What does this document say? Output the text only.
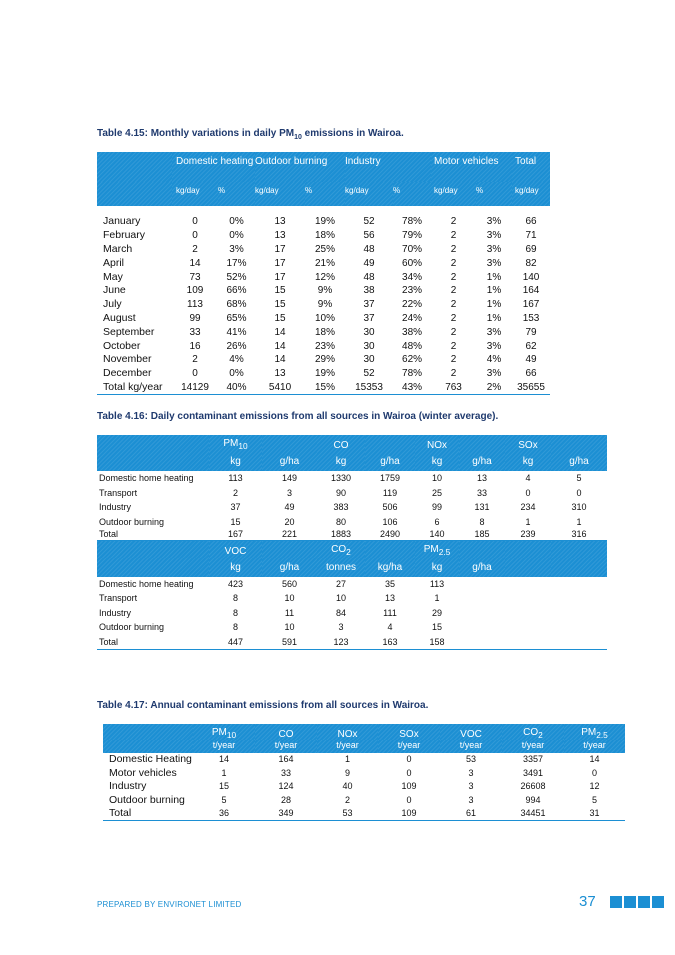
Table 4.15: Monthly variations in daily $PM_{10}$ emissions in Wairoa.
	Domestic heating		Outdoor burning		Industry		Motor vehicles		Total
	kg/day	%	kg/day	%	kg/day	%	kg/day	%	kg/day

January	0	0%	13	19%	52	78%	2	3%	66
February	0	0%	13	18%	56	79%	2	3%	71
March	2	3%	17	25%	48	70%	2	3%	69
April	14	17%	17	21%	49	60%	2	3%	82
May	73	52%	17	12%	48	34%	2	1%	140
June	109	66%	15	9%	38	23%	2	1%	164
July	113	68%	15	9%	37	22%	2	1%	167
August	99	65%	15	10%	37	24%	2	1%	153
September	33	41%	14	18%	30	38%	2	3%	79
October	16	26%	14	23%	30	48%	2	3%	62
November	2	4%	14	29%	30	62%	2	4%	49
December	0	0%	13	19%	52	78%	2	3%	66
Total kg/year	14129	40%	5410	15%	15353	43%	763	2%	35655
Table 4.16: Daily contaminant emissions from all sources in Wairoa (winter average).
	$PM_{10}$		CO		NOx		SOx	
	kg	g/ha	kg	g/ha	kg	g/ha	kg	g/ha
Domestic home heating	113	149	1330	1759	10	13	4	5
Transport	2	3	90	119	25	33	0	0
Industry	37	49	383	506	99	131	234	310
Outdoor burning	15	20	80	106	6	8	1	1
Total	167	221	1883	2490	140	185	239	316
	VOC		$CO_2$		$PM_{2.5}$			
	kg	g/ha	tonnes	kg/ha	kg	g/ha		
Domestic home heating	423	560	27	35	113			
Transport	8	10	10	13	1			
Industry	8	11	84	111	29			
Outdoor burning	8	10	3	4	15			
Total	447	591	123	163	158			
Table 4.17: Annual contaminant emissions from all sources in Wairoa.
	$PM_{10}$	CO	NOx	SOx	VOC	$CO_2$	$PM_{2.5}$
	t/year	t/year	t/year	t/year	t/year	t/year	t/year
Domestic Heating	14	164	1	0	53	3357	14
Motor vehicles	1	33	9	0	3	3491	0
Industry	15	124	40	109	3	26608	12
Outdoor burning	5	28	2	0	3	994	5
Total	36	349	53	109	61	34451	31
PREPARED BY ENVIRONET LIMITED	37
